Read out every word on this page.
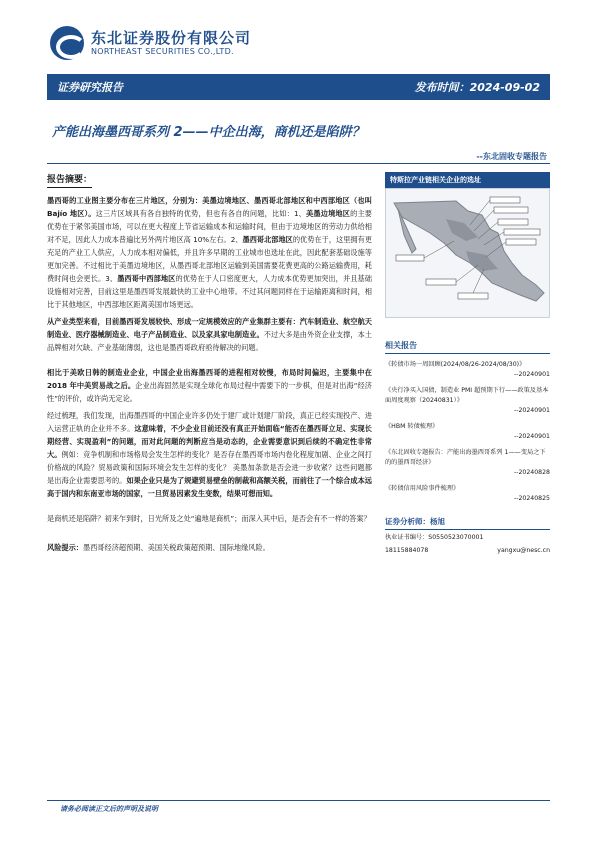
东北证券股份有限公司
NORTHEAST SECURITIES CO.,LTD.
证券研究报告	发布时间：2024-09-02
产能出海墨西哥系列 2——中企出海，商机还是陷阱？
--东北固收专题报告
报告摘要：

墨西哥的工业图主要分布在三片地区，分别为：美墨边境地区、墨西哥北部地区和中西部地区（也叫 Bajío 地区）。这三片区域具有各自独特的优势，但也有各自的问题，比如：1、美墨边境地区的主要优势在于紧邻美国市场，可以在更大程度上节省运输成本和运输时间，但由于边境地区的劳动力供给相对不足，因此人力成本普遍比另外两片地区高 10%左右。2、墨西哥北部地区的优势在于，这里拥有更充足的产业工人供应，人力成本相对偏低，并且许多早期的工业城市也选址在此，因此配套基础设施等更加完善。不过相比于美墨边境地区，从墨西哥北部地区运输到美国需要花费更高的公路运输费用，耗费时间也会更长。3、墨西哥中西部地区的优势在于人口密度更大，人力成本优势更加突出，并且基础设施相对完善，目前这里是墨西哥发展最快的工业中心地带。不过其问题同样在于运输距离和时间，相比于其他地区，中西部地区距离美国市场更远。

从产业类型来看，目前墨西哥发展较快、形成一定规模效应的产业集群主要有：汽车制造业、航空航天制造业、医疗器械制造业、电子产品制造业、以及家具家电制造业。不过大多是由外资企业支撑，本土品牌相对欠缺、产业基础薄弱，这也是墨西哥政府亟待解决的问题。

相比于美欧日韩的制造业企业，中国企业出海墨西哥的进程相对较慢，布局时间偏迟，主要集中在 2018 年中美贸易战之后。企业出海固然是实现全球化布局过程中需要下的一步棋，但是对出海“经济性”的评价，或许尚无定论。

经过梳理，我们发现，出海墨西哥的中国企业许多仍处于建厂或计划建厂阶段，真正已经实现投产、进入运营正轨的企业并不多。这意味着，不少企业目前还没有真正开始面临“能否在墨西哥立足、实现长期经营、实现盈利”的问题，而对此问题的判断应当是动态的，企业需要意识到后续的不确定性非常大。例如：竞争机制和市场格局会发生怎样的变化？是否存在墨西哥市场内卷化程度加剧、企业之间打价格战的风险？贸易政策和国际环境会发生怎样的变化？ 美墨加条款是否会进一步收紧？这些问题都是出海企业需要思考的。如果企业只是为了规避贸易壁垒的制裁和高额关税，而前往了一个综合成本远高于国内和东南亚市场的国家，一旦贸易因素发生变数，结果可想而知。

是商机还是陷阱？初来乍到时，日光所及之处“遍地是商机”；而深入其中后，是否会有不一样的答案？

风险提示：墨西哥经济超预期、美国关税政策超预期、国际地缘风险。

特斯拉产业链相关企业的选址
相关报告
《转债市场一周回顾(2024/08/26-2024/08/30)》
--20240901
《央行净买入国债，制造业 PMI 超预期下行——政策及基本面周度观察（20240831）》
--20240901
《HBM 转债梳理》
--20240901
《东北固收专题报告：产能出海墨西哥系列 1——变局之下的的墨西哥经济》
--20240828
《转债信用风险事件梳理》
--20240825
证券分析师：杨旭
执业证书编号：S0550523070001
18115884078	yangxu@nesc.cn
请务必阅读正文后的声明及说明
